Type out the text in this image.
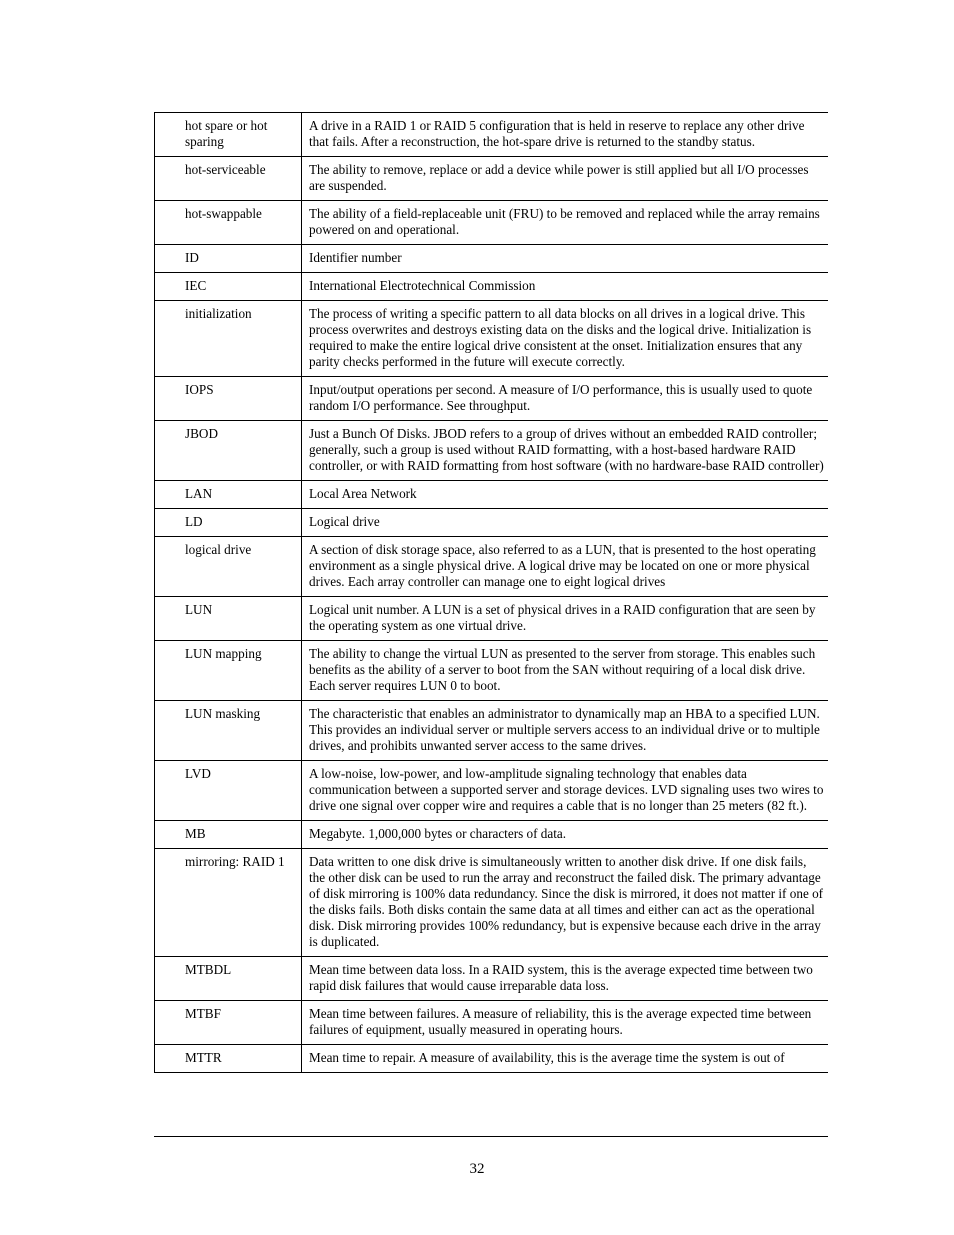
hot spare or hot sparing	A drive in a RAID 1 or RAID 5 configuration that is held in reserve to replace any other drive that fails. After a reconstruction, the hot-spare drive is returned to the standby status.
hot-serviceable	The ability to remove, replace or add a device while power is still applied but all I/O processes are suspended.
hot-swappable	The ability of a field-replaceable unit (FRU) to be removed and replaced while the array remains powered on and operational.
ID	Identifier number
IEC	International Electrotechnical Commission
initialization	The process of writing a specific pattern to all data blocks on all drives in a logical drive. This process overwrites and destroys existing data on the disks and the logical drive. Initialization is required to make the entire logical drive consistent at the onset. Initialization ensures that any parity checks performed in the future will execute correctly.
IOPS	Input/output operations per second. A measure of I/O performance, this is usually used to quote random I/O performance. See throughput.
JBOD	Just a Bunch Of Disks. JBOD refers to a group of drives without an embedded RAID controller; generally, such a group is used without RAID formatting, with a host-based hardware RAID controller, or with RAID formatting from host software (with no hardware-base RAID controller)
LAN	Local Area Network
LD	Logical drive
logical drive	A section of disk storage space, also referred to as a LUN, that is presented to the host operating environment as a single physical drive. A logical drive may be located on one or more physical drives. Each array controller can manage one to eight logical drives
LUN	Logical unit number. A LUN is a set of physical drives in a RAID configuration that are seen by the operating system as one virtual drive.
LUN mapping	The ability to change the virtual LUN as presented to the server from storage. This enables such benefits as the ability of a server to boot from the SAN without requiring of a local disk drive. Each server requires LUN 0 to boot.
LUN masking	The characteristic that enables an administrator to dynamically map an HBA to a specified LUN. This provides an individual server or multiple servers access to an individual drive or to multiple drives, and prohibits unwanted server access to the same drives.
LVD	A low-noise, low-power, and low-amplitude signaling technology that enables data communication between a supported server and storage devices. LVD signaling uses two wires to drive one signal over copper wire and requires a cable that is no longer than 25 meters (82 ft.).
MB	Megabyte. 1,000,000 bytes or characters of data.
mirroring: RAID 1	Data written to one disk drive is simultaneously written to another disk drive. If one disk fails, the other disk can be used to run the array and reconstruct the failed disk. The primary advantage of disk mirroring is 100% data redundancy. Since the disk is mirrored, it does not matter if one of the disks fails. Both disks contain the same data at all times and either can act as the operational disk. Disk mirroring provides 100% redundancy, but is expensive because each drive in the array is duplicated.
MTBDL	Mean time between data loss. In a RAID system, this is the average expected time between two rapid disk failures that would cause irreparable data loss.
MTBF	Mean time between failures. A measure of reliability, this is the average expected time between failures of equipment, usually measured in operating hours.
MTTR	Mean time to repair. A measure of availability, this is the average time the system is out of
32
